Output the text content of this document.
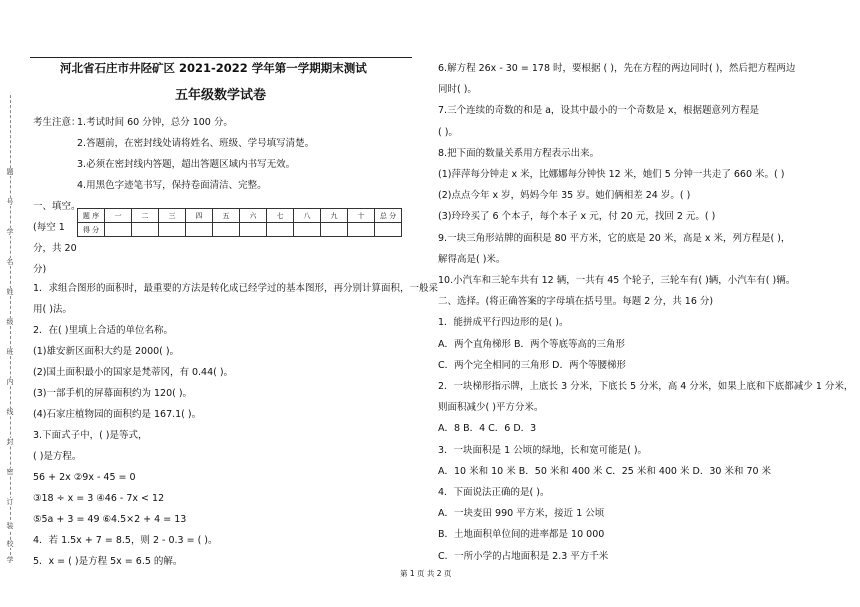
题
号
学
名
姓
级
班
内
线
封
密
订
装
校
学
河北省石庄市井陉矿区 2021-2022 学年第一学期期末测试
五年级数学试卷
考生注意：
1.考试时间 60 分钟，总分 100 分。
2.答题前，在密封线处请将姓名、班级、学号填写清楚。
3.必须在密封线内答题，超出答题区域内书写无效。
4.用黑色字迹笔书写，保持卷面清洁、完整。
一、填空。
(每空 1
分，共 20
分)
题 序	一	二	三	四	五	六	七	八	九	十	总 分
得 分											
1．求组合图形的面积时，最重要的方法是转化成已经学过的基本图形，再分别计算面积，一般采
用( )法。
2．在( )里填上合适的单位名称。
(1)雄安新区面积大约是 2000( )。
(2)国土面积最小的国家是梵蒂冈，有 0.44( )。
(3)一部手机的屏幕面积约为 120( )。
(4)石家庄植物园的面积约是 167.1( )。
3.下面式子中，( )是等式，
( )是方程。
56 + 2x ②9x - 45 = 0
③18 ÷ x = 3 ④46 - 7x < 12
⑤5a + 3 = 49 ⑥4.5×2 + 4 = 13
4．若 1.5x + 7 = 8.5，则 2 - 0.3 = ( )。
5．x = ( )是方程 5x = 6.5 的解。
6.解方程 26x - 30 = 178 时，要根据 ( )，先在方程的两边同时( )，然后把方程两边
同时( )。
7.三个连续的奇数的和是 a，设其中最小的一个奇数是 x，根据题意列方程是
( )。
8.把下面的数量关系用方程表示出来。
(1)萍萍每分钟走 x 米，比娜娜每分钟快 12 米，她们 5 分钟一共走了 660 米。( )
(2)点点今年 x 岁，妈妈今年 35 岁。她们俩相差 24 岁。( )
(3)玲玲买了 6 个本子，每个本子 x 元，付 20 元，找回 2 元。( )
9.一块三角形站牌的面积是 80 平方米，它的底是 20 米，高是 x 米，列方程是( )，
解得高是( )米。
10.小汽车和三轮车共有 12 辆，一共有 45 个轮子，三轮车有( )辆，小汽车有( )辆。
二、选择。(将正确答案的字母填在括号里。每题 2 分，共 16 分)
1．能拼成平行四边形的是( )。
A．两个直角梯形 B．两个等底等高的三角形
C．两个完全相同的三角形 D．两个等腰梯形
2．一块梯形指示牌，上底长 3 分米，下底长 5 分米，高 4 分米，如果上底和下底都减少 1 分米，
则面积减少( )平方分米。
A．8 B．4 C．6 D．3
3．一块面积是 1 公顷的绿地，长和宽可能是( )。
A．10 米和 10 米 B．50 米和 400 米 C．25 米和 400 米 D．30 米和 70 米
4．下面说法正确的是( )。
A．一块麦田 990 平方米，接近 1 公顷
B．土地面积单位间的进率都是 10 000
C．一所小学的占地面积是 2.3 平方千米
第 1 页 共 2 页
